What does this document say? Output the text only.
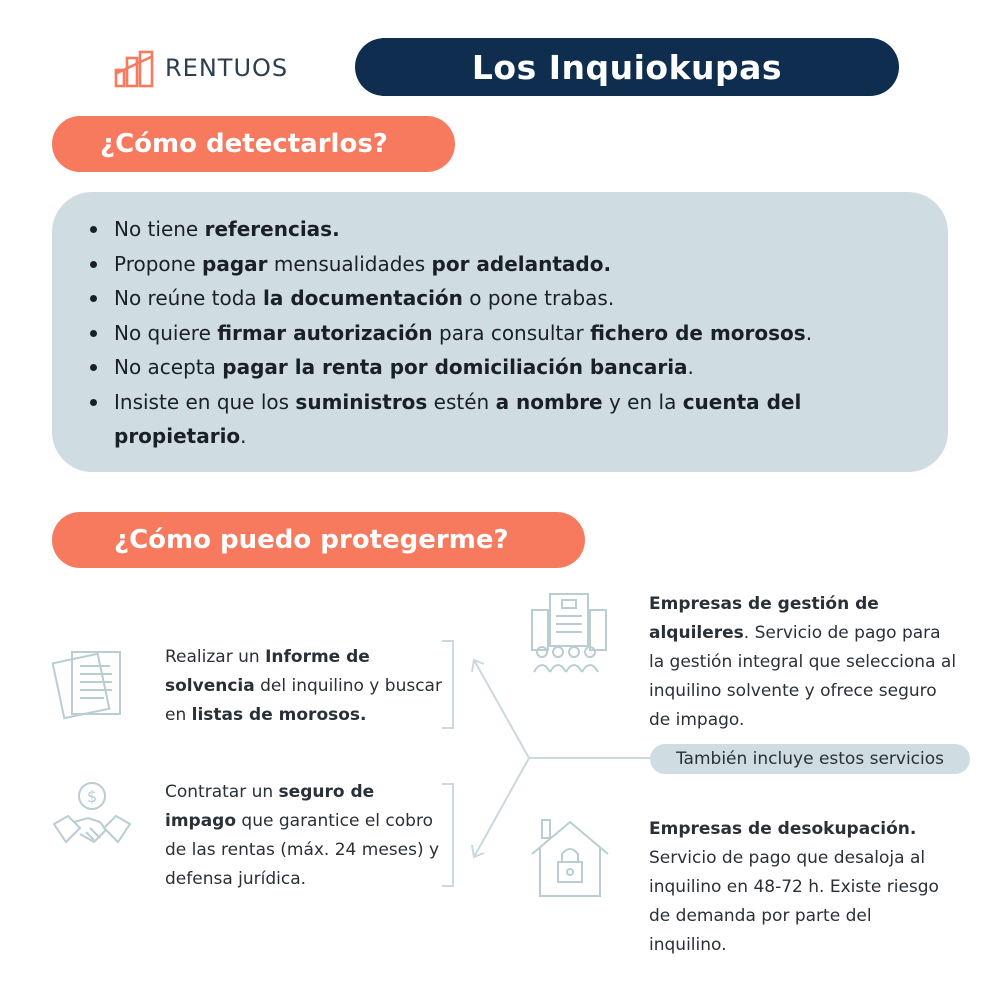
RENTUOS	Los Inquiokupas
¿Cómo detectarlos?
No tiene referencias.
Propone pagar mensualidades por adelantado.
No reúne toda la documentación o pone trabas.
No quiere firmar autorización para consultar fichero de morosos.
No acepta pagar la renta por domiciliación bancaria.
Insiste en que los suministros estén a nombre y en la cuenta del propietario.
¿Cómo puedo protegerme?
$
Realizar un Informe de solvencia del inquilino y buscar en listas de morosos.
Contratar un seguro de impago que garantice el cobro de las rentas (máx. 24 meses) y defensa jurídica.
Empresas de gestión de alquileres. Servicio de pago para la gestión integral que selecciona al inquilino solvente y ofrece seguro de impago.
También incluye estos servicios
Empresas de desokupación. Servicio de pago que desaloja al inquilino en 48-72 h. Existe riesgo de demanda por parte del inquilino.
